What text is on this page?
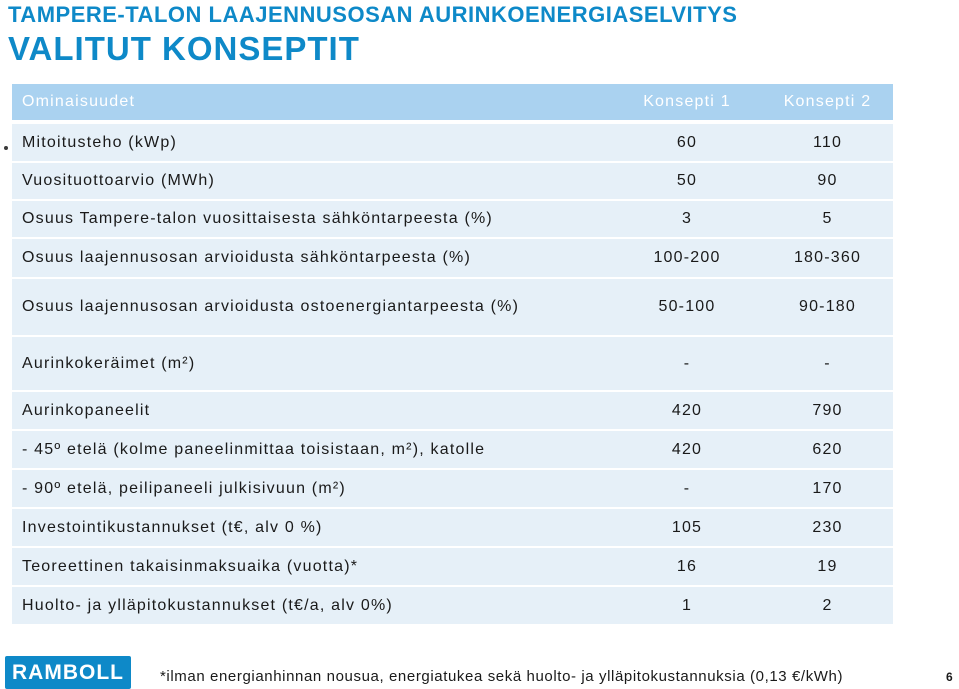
TAMPERE-TALON LAAJENNUSOSAN AURINKOENERGIASELVITYS
VALITUT KONSEPTIT
Ominaisuudet	Konsepti 1	Konsepti 2
Mitoitusteho (kWp)	60	110
Vuosituottoarvio (MWh)	50	90
Osuus Tampere-talon vuosittaisesta sähköntarpeesta (%)	3	5
Osuus laajennusosan arvioidusta sähköntarpeesta (%)	100-200	180-360
Osuus laajennusosan arvioidusta ostoenergiantarpeesta (%)	50-100	90-180
Aurinkokeräimet (m²)	-	-
Aurinkopaneelit	420	790
- 45º etelä (kolme paneelinmittaa toisistaan, m²), katolle	420	620
- 90º etelä, peilipaneeli julkisivuun (m²)	-	170
Investointikustannukset (t€, alv 0 %)	105	230
Teoreettinen takaisinmaksuaika (vuotta)*	16	19
Huolto- ja ylläpitokustannukset (t€/a, alv 0%)	1	2
RAMBOLL	*ilman energianhinnan nousua, energiatukea sekä huolto- ja ylläpitokustannuksia (0,13 €/kWh)	6
